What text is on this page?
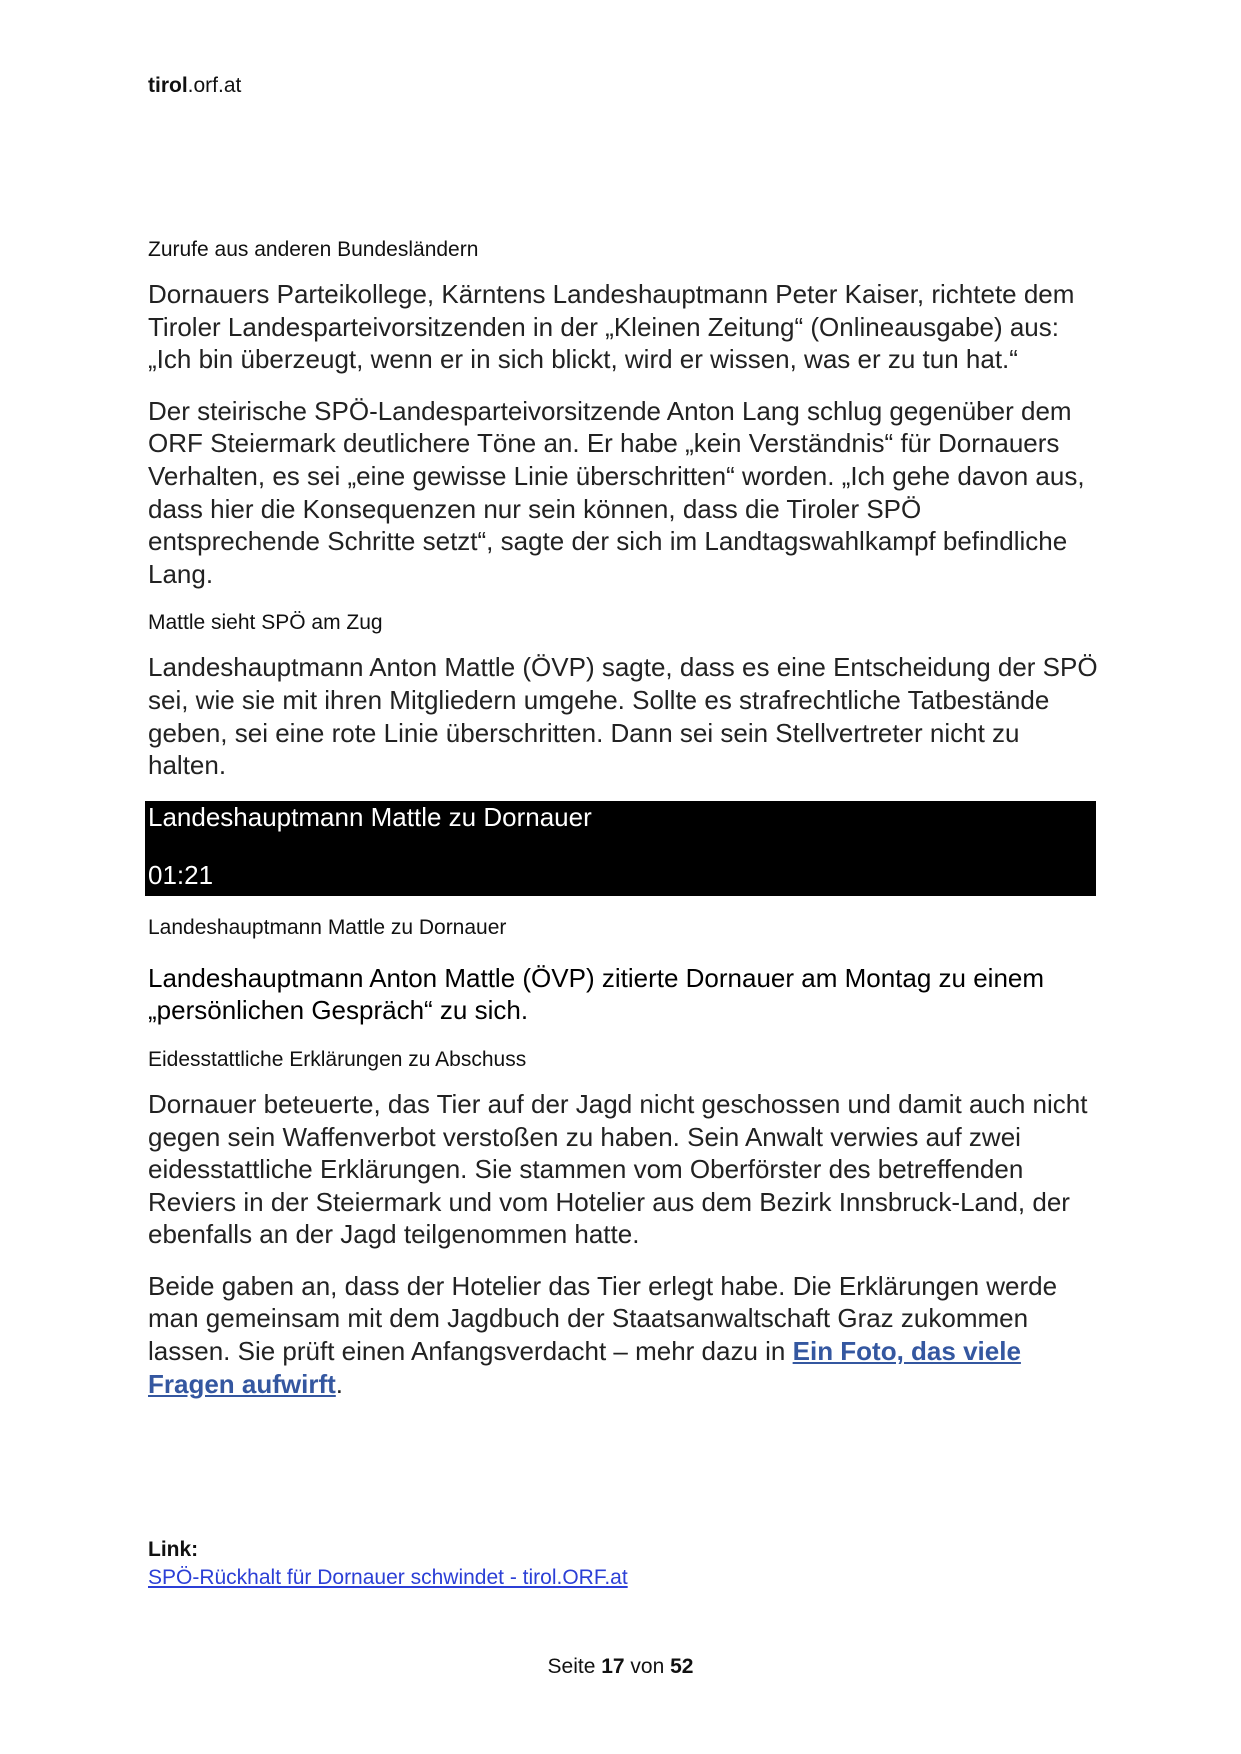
tirol.orf.at
Zurufe aus anderen Bundesländern

Dornauers Parteikollege, Kärntens Landeshauptmann Peter Kaiser, richtete dem Tiroler Landesparteivorsitzenden in der „Kleinen Zeitung“ (Onlineausgabe) aus: „Ich bin überzeugt, wenn er in sich blickt, wird er wissen, was er zu tun hat.“

Der steirische SPÖ-Landesparteivorsitzende Anton Lang schlug gegenüber dem ORF Steiermark deutlichere Töne an. Er habe „kein Verständnis“ für Dornauers Verhalten, es sei „eine gewisse Linie überschritten“ worden. „Ich gehe davon aus, dass hier die Konsequenzen nur sein können, dass die Tiroler SPÖ entsprechende Schritte setzt“, sagte der sich im Landtagswahlkampf befindliche Lang.

Mattle sieht SPÖ am Zug

Landeshauptmann Anton Mattle (ÖVP) sagte, dass es eine Entscheidung der SPÖ sei, wie sie mit ihren Mitgliedern umgehe. Sollte es strafrechtliche Tatbestände geben, sei eine rote Linie überschritten. Dann sei sein Stellvertreter nicht zu halten.

Landeshauptmann Mattle zu Dornauer
01:21
Landeshauptmann Mattle zu Dornauer

Landeshauptmann Anton Mattle (ÖVP) zitierte Dornauer am Montag zu einem „persönlichen Gespräch“ zu sich.

Eidesstattliche Erklärungen zu Abschuss

Dornauer beteuerte, das Tier auf der Jagd nicht geschossen und damit auch nicht gegen sein Waffenverbot verstoßen zu haben. Sein Anwalt verwies auf zwei eidesstattliche Erklärungen. Sie stammen vom Oberförster des betreffenden Reviers in der Steiermark und vom Hotelier aus dem Bezirk Innsbruck-Land, der ebenfalls an der Jagd teilgenommen hatte.

Beide gaben an, dass der Hotelier das Tier erlegt habe. Die Erklärungen werde man gemeinsam mit dem Jagdbuch der Staatsanwaltschaft Graz zukommen lassen. Sie prüft einen Anfangsverdacht – mehr dazu in Ein Foto, das viele Fragen aufwirft.

Link:
SPÖ-Rückhalt für Dornauer schwindet - tirol.ORF.at
Seite 17 von 52
